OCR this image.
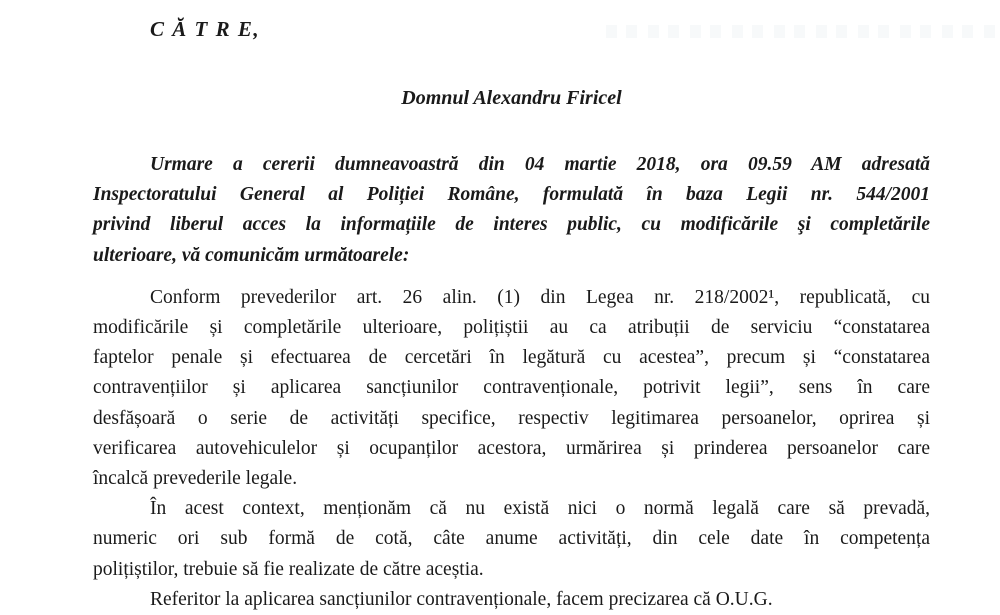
C Ă T R E,
Domnul Alexandru Firicel
Urmare a cererii dumneavoastră din 04 martie 2018, ora 09.59 AM adresată
Inspectoratului General al Poliției Române, formulată în baza Legii nr. 544/2001
privind liberul acces la informațiile de interes public, cu modificările şi completările
ulterioare, vă comunicăm următoarele:
Conform prevederilor art. 26 alin. (1) din Legea nr. 218/2002¹, republicată, cu
modificările și completările ulterioare, polițiștii au ca atribuții de serviciu “constatarea
faptelor penale și efectuarea de cercetări în legătură cu acestea”, precum și “constatarea
contravențiilor și aplicarea sancțiunilor contravenționale, potrivit legii”, sens în care
desfășoară o serie de activități specifice, respectiv legitimarea persoanelor, oprirea și
verificarea autovehiculelor și ocupanților acestora, urmărirea și prinderea persoanelor care
încalcă prevederile legale.
În acest context, menționăm că nu există nici o normă legală care să prevadă,
numeric ori sub formă de cotă, câte anume activități, din cele date în competența
polițiștilor, trebuie să fie realizate de către aceștia.
Referitor la aplicarea sancțiunilor contravenționale, facem precizarea că O.U.G.
